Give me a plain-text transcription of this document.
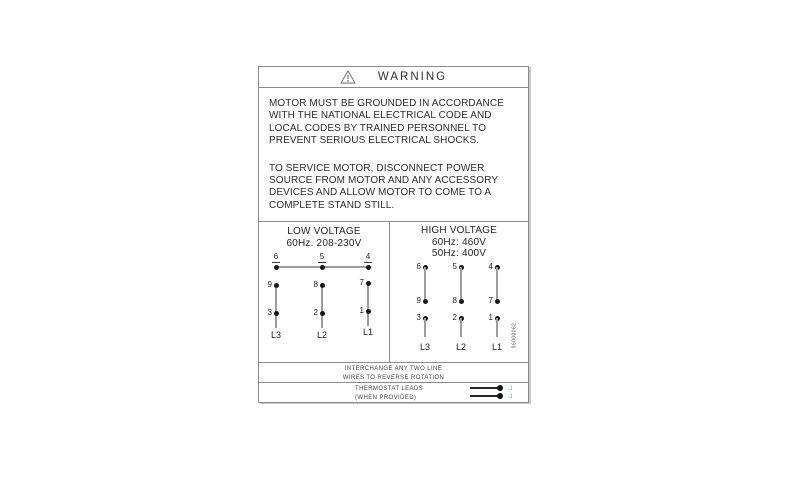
WARNING
MOTOR MUST BE GROUNDED IN ACCORDANCE
WITH THE NATIONAL ELECTRICAL CODE AND
LOCAL CODES BY TRAINED PERSONNEL TO
PREVENT SERIOUS ELECTRICAL SHOCKS.
TO SERVICE MOTOR, DISCONNECT POWER
SOURCE FROM MOTOR AND ANY ACCESSORY
DEVICES AND ALLOW MOTOR TO COME TO A
COMPLETE STAND STILL.
LOW VOLTAGE
60Hz. 208-230V
6
9
3
L3
5
8
2
L2
4
7
1
L1
HIGH VOLTAGE
60Hz: 460V
50Hz: 400V
6
9
3
L3
5
8
2
L2
4
7
1
L1	96000062
INTERCHANGE ANY TWO LINE
WIRES TO REVERSE ROTATION
THERMOSTAT LEADS
(WHEN PROVIDED)
J
J
